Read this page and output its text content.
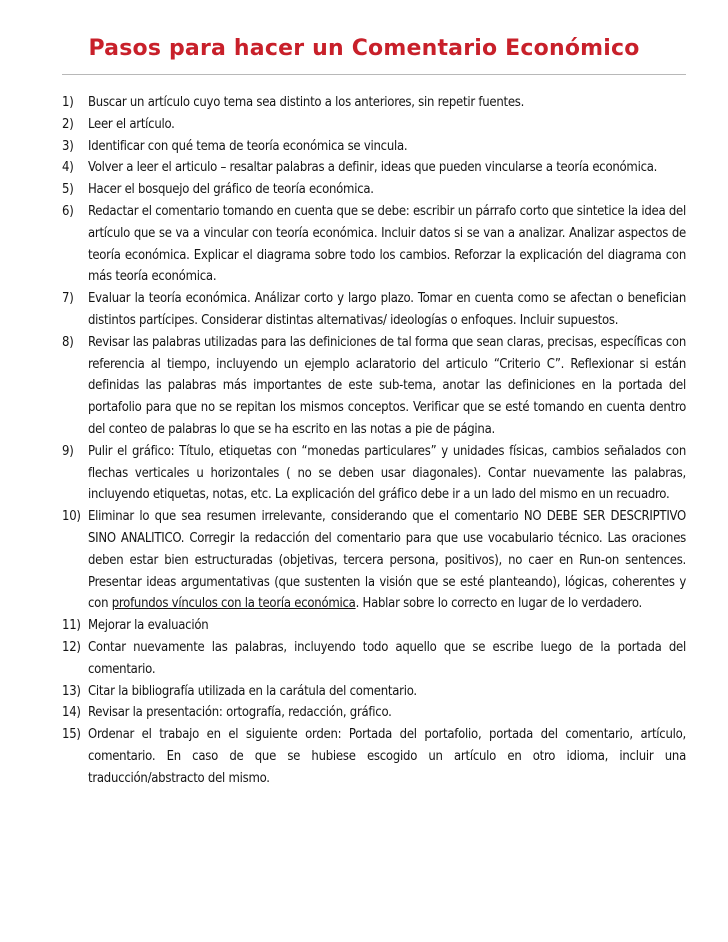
Pasos para hacer un Comentario Económico
1) Buscar un artículo cuyo tema sea distinto a los anteriores, sin repetir fuentes.
2) Leer el artículo.
3) Identificar con qué tema de teoría económica se vincula.
4) Volver a leer el articulo – resaltar palabras a definir, ideas que pueden vincularse a teoría económica.
5) Hacer el bosquejo del gráfico de teoría económica.
6) Redactar el comentario tomando en cuenta que se debe: escribir un párrafo corto que sintetice la idea del artículo que se va a vincular con teoría económica. Incluir datos si se van a analizar. Analizar aspectos de teoría económica. Explicar el diagrama sobre todo los cambios. Reforzar la explicación del diagrama con más teoría económica.
7) Evaluar la teoría económica. Análizar corto y largo plazo. Tomar en cuenta como se afectan o benefician distintos partícipes. Considerar distintas alternativas/ ideologías o enfoques. Incluir supuestos.
8) Revisar las palabras utilizadas para las definiciones de tal forma que sean claras, precisas, específicas con referencia al tiempo, incluyendo un ejemplo aclaratorio del articulo “Criterio C”. Reflexionar si están definidas las palabras más importantes de este sub-tema, anotar las definiciones en la portada del portafolio para que no se repitan los mismos conceptos. Verificar que se esté tomando en cuenta dentro del conteo de palabras lo que se ha escrito en las notas a pie de página.
9) Pulir el gráfico: Título, etiquetas con “monedas particulares” y unidades físicas, cambios señalados con flechas verticales u horizontales ( no se deben usar diagonales). Contar nuevamente las palabras, incluyendo etiquetas, notas, etc. La explicación del gráfico debe ir a un lado del mismo en un recuadro.
10) Eliminar lo que sea resumen irrelevante, considerando que el comentario NO DEBE SER DESCRIPTIVO SINO ANALITICO. Corregir la redacción del comentario para que use vocabulario técnico. Las oraciones deben estar bien estructuradas (objetivas, tercera persona, positivos), no caer en Run-on sentences. Presentar ideas argumentativas (que sustenten la visión que se esté planteando), lógicas, coherentes y con profundos vínculos con la teoría económica. Hablar sobre lo correcto en lugar de lo verdadero.
11) Mejorar la evaluación
12) Contar nuevamente las palabras, incluyendo todo aquello que se escribe luego de la portada del comentario.
13) Citar la bibliografía utilizada en la carátula del comentario.
14) Revisar la presentación: ortografía, redacción, gráfico.
15) Ordenar el trabajo en el siguiente orden: Portada del portafolio, portada del comentario, artículo, comentario. En caso de que se hubiese escogido un artículo en otro idioma, incluir una traducción/abstracto del mismo.
